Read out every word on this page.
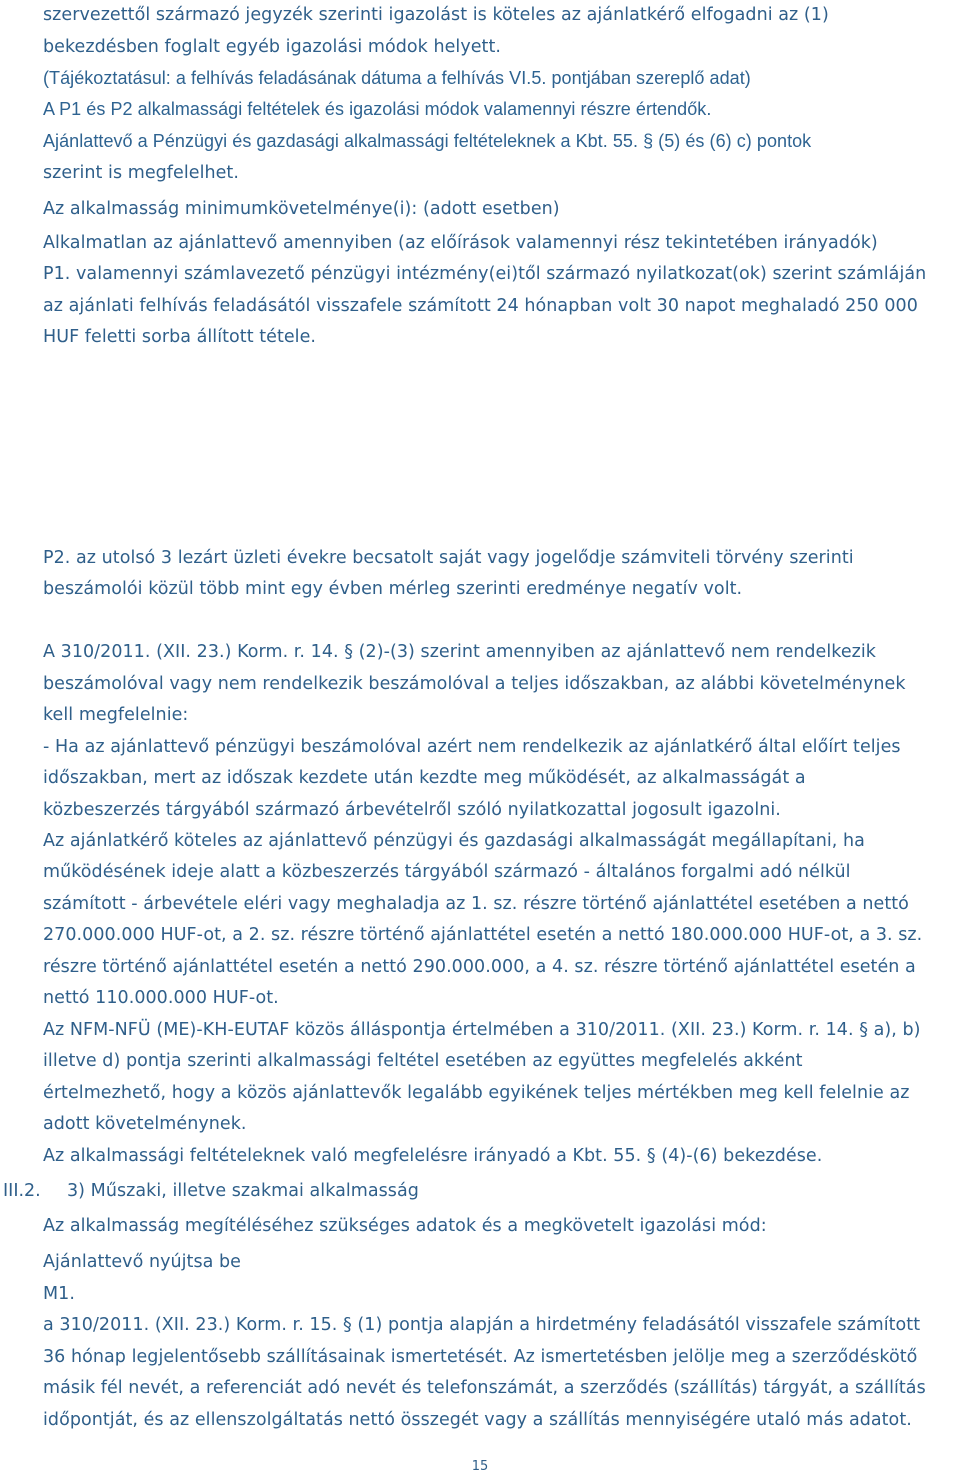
szervezettől származó jegyzék szerinti igazolást is köteles az ajánlatkérő elfogadni az (1)
bekezdésben foglalt egyéb igazolási módok helyett.
(Tájékoztatásul: a felhívás feladásának dátuma a felhívás VI.5. pontjában szereplő adat)
A P1 és P2 alkalmassági feltételek és igazolási módok valamennyi részre értendők.
Ajánlattevő a Pénzügyi és gazdasági alkalmassági feltételeknek a Kbt. 55. § (5) és (6) c) pontok
szerint is megfelelhet.
Az alkalmasság minimumkövetelménye(i): (adott esetben)
Alkalmatlan az ajánlattevő amennyiben (az előírások valamennyi rész tekintetében irányadók)
P1. valamennyi számlavezető pénzügyi intézmény(ei)től származó nyilatkozat(ok) szerint számláján
az ajánlati felhívás feladásától visszafele számított 24 hónapban volt 30 napot meghaladó 250 000
HUF feletti sorba állított tétele.
P2. az utolsó 3 lezárt üzleti évekre becsatolt saját vagy jogelődje számviteli törvény szerinti
beszámolói közül több mint egy évben mérleg szerinti eredménye negatív volt.
A 310/2011. (XII. 23.) Korm. r. 14. § (2)-(3) szerint amennyiben az ajánlattevő nem rendelkezik
beszámolóval vagy nem rendelkezik beszámolóval a teljes időszakban, az alábbi követelménynek
kell megfelelnie:
- Ha az ajánlattevő pénzügyi beszámolóval azért nem rendelkezik az ajánlatkérő által előírt teljes
időszakban, mert az időszak kezdete után kezdte meg működését, az alkalmasságát a
közbeszerzés tárgyából származó árbevételről szóló nyilatkozattal jogosult igazolni.
Az ajánlatkérő köteles az ajánlattevő pénzügyi és gazdasági alkalmasságát megállapítani, ha
működésének ideje alatt a közbeszerzés tárgyából származó - általános forgalmi adó nélkül
számított - árbevétele eléri vagy meghaladja az 1. sz. részre történő ajánlattétel esetében a nettó
270.000.000 HUF-ot, a 2. sz. részre történő ajánlattétel esetén a nettó 180.000.000 HUF-ot, a 3. sz.
részre történő ajánlattétel esetén a nettó 290.000.000, a 4. sz. részre történő ajánlattétel esetén a
nettó 110.000.000 HUF-ot.
Az NFM-NFÜ (ME)-KH-EUTAF közös álláspontja értelmében a 310/2011. (XII. 23.) Korm. r. 14. § a), b)
illetve d) pontja szerinti alkalmassági feltétel esetében az együttes megfelelés akként
értelmezhető, hogy a közös ajánlattevők legalább egyikének teljes mértékben meg kell felelnie az
adott követelménynek.
Az alkalmassági feltételeknek való megfelelésre irányadó a Kbt. 55. § (4)-(6) bekezdése.
III.2. 3) Műszaki, illetve szakmai alkalmasság
Az alkalmasság megítéléséhez szükséges adatok és a megkövetelt igazolási mód:
Ajánlattevő nyújtsa be
M1.
a 310/2011. (XII. 23.) Korm. r. 15. § (1) pontja alapján a hirdetmény feladásától visszafele számított
36 hónap legjelentősebb szállításainak ismertetését. Az ismertetésben jelölje meg a szerződéskötő
másik fél nevét, a referenciát adó nevét és telefonszámát, a szerződés (szállítás) tárgyát, a szállítás
időpontját, és az ellenszolgáltatás nettó összegét vagy a szállítás mennyiségére utaló más adatot.
15
